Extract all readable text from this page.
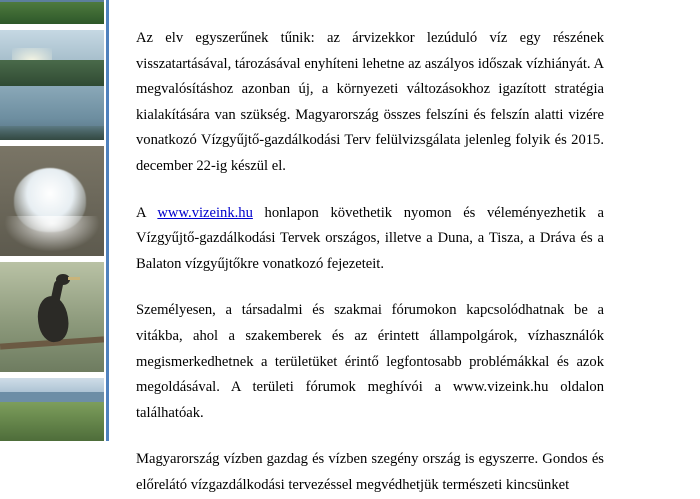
Az elv egyszerűnek tűnik: az árvizekkor lezúduló víz egy részének visszatartásával, tározásával enyhíteni lehetne az aszályos időszak vízhiányát. A megvalósításhoz azonban új, a környezeti változásokhoz igazított stratégia kialakítására van szükség. Magyarország összes felszíni és felszín alatti vizére vonatkozó Vízgyűjtő-gazdálkodási Terv felülvizsgálata jelenleg folyik és 2015. december 22-ig készül el.

A www.vizeink.hu honlapon követhetik nyomon és véleményezhetik a Vízgyűjtő-gazdálkodási Tervek országos, illetve a Duna, a Tisza, a Dráva és a Balaton vízgyűjtőkre vonatkozó fejezeteit.

Személyesen, a társadalmi és szakmai fórumokon kapcsolódhatnak be a vitákba, ahol a szakemberek és az érintett állampolgárok, vízhasználók megismerkedhetnek a területüket érintő legfontosabb problémákkal és azok megoldásával. A területi fórumok meghívói a www.vizeink.hu oldalon találhatóak.

Magyarország vízben gazdag és vízben szegény ország is egyszerre. Gondos és előrelátó vízgazdálkodási tervezéssel megvédhetjük természeti kincsünket
